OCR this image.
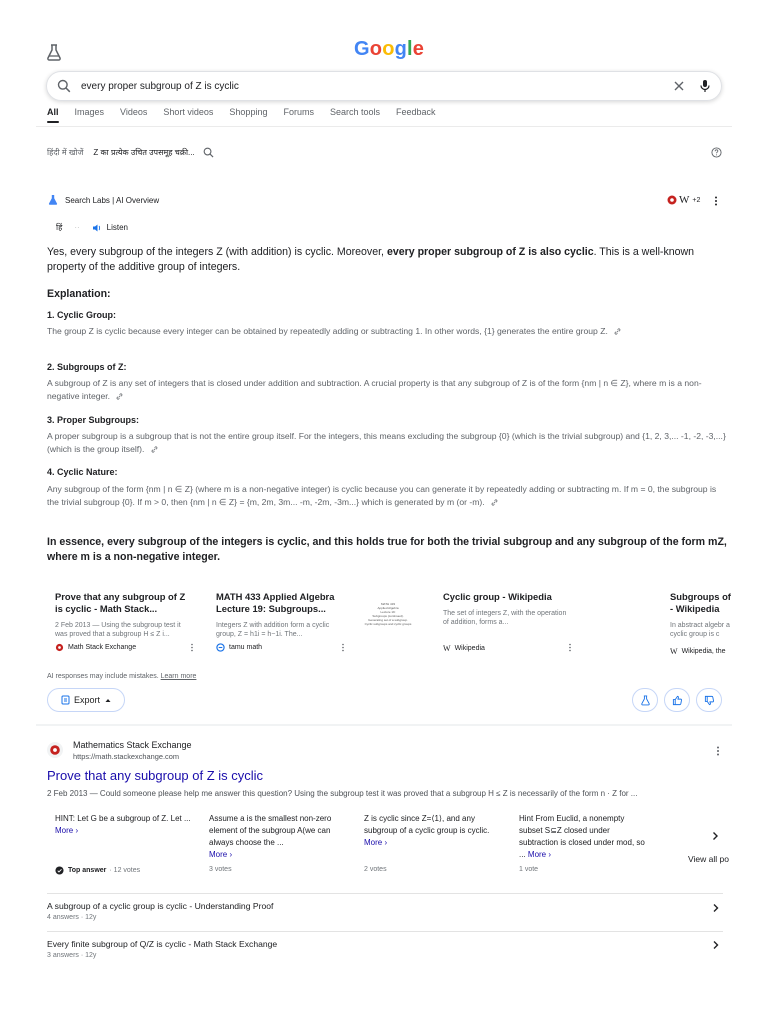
Google
every proper subgroup of Z is cyclic
All Images Videos Short videos Shopping Forums Search tools Feedback
हिंदी में खोजें Z का प्रत्येक उचित उपसमूह चक्री...
Search Labs | AI Overview	W +2
हिं ··	Listen
Yes, every subgroup of the integers Z (with addition) is cyclic. Moreover, every proper subgroup of Z is also cyclic. This is a well-known property of the additive group of integers.
Explanation:
1. Cyclic Group:
The group Z is cyclic because every integer can be obtained by repeatedly adding or subtracting 1. In other words, {1} generates the entire group Z.
2. Subgroups of Z:
A subgroup of Z is any set of integers that is closed under addition and subtraction. A crucial property is that any subgroup of Z is of the form {nm | n ∈ Z}, where m is a non-negative integer.
3. Proper Subgroups:
A proper subgroup is a subgroup that is not the entire group itself. For the integers, this means excluding the subgroup {0} (which is the trivial subgroup) and {1, 2, 3,... -1, -2, -3,...} (which is the group itself).
4. Cyclic Nature:
Any subgroup of the form {nm | n ∈ Z} (where m is a non-negative integer) is cyclic because you can generate it by repeatedly adding or subtracting m. If m = 0, the subgroup is the trivial subgroup {0}. If m > 0, then {nm | n ∈ Z} = {m, 2m, 3m... -m, -2m, -3m...} which is generated by m (or -m).
In essence, every subgroup of the integers is cyclic, and this holds true for both the trivial subgroup and any subgroup of the form mZ, where m is a non-negative integer.
Prove that any subgroup of Z is cyclic - Math Stack...
2 Feb 2013 — Using the subgroup test it was proved that a subgroup H ≤ Z i...
Math Stack Exchange
MATH 433 Applied Algebra Lecture 19: Subgroups...
Integers Z with addition form a cyclic group, Z = h1i = h−1i. The...
tamu math
MATH 433
Applied Algebra
Lecture 19:
Subgroups (continued).
Generating set of a subgroup.
Cyclic subgroups and cyclic groups
Cyclic group - Wikipedia
The set of integers Z, with the operation of addition, forms a...
W Wikipedia
Subgroups of - Wikipedia
In abstract algebr a cyclic group is c
W Wikipedia, the
AI responses may include mistakes. Learn more
Export
Mathematics Stack Exchange
https://math.stackexchange.com
Prove that any subgroup of Z is cyclic
2 Feb 2013 — Could someone please help me answer this question? Using the subgroup test it was proved that a subgroup H ≤ Z is necessarily of the form n · Z for ...
HINT: Let G be a subgroup of Z. Let ... More ›
Assume a is the smallest non-zero element of the subgroup A(we can always choose the ...
More ›
Z is cyclic since Z=⟨1⟩, and any subgroup of a cyclic group is cyclic. More ›
Hint From Euclid, a nonempty subset S⊆Z closed under subtraction is closed under mod, so ... More ›
Top answer · 12 votes	3 votes	2 votes	1 vote
View all po
A subgroup of a cyclic group is cyclic - Understanding Proof
4 answers · 12y
Every finite subgroup of Q/Z is cyclic - Math Stack Exchange
3 answers · 12y
